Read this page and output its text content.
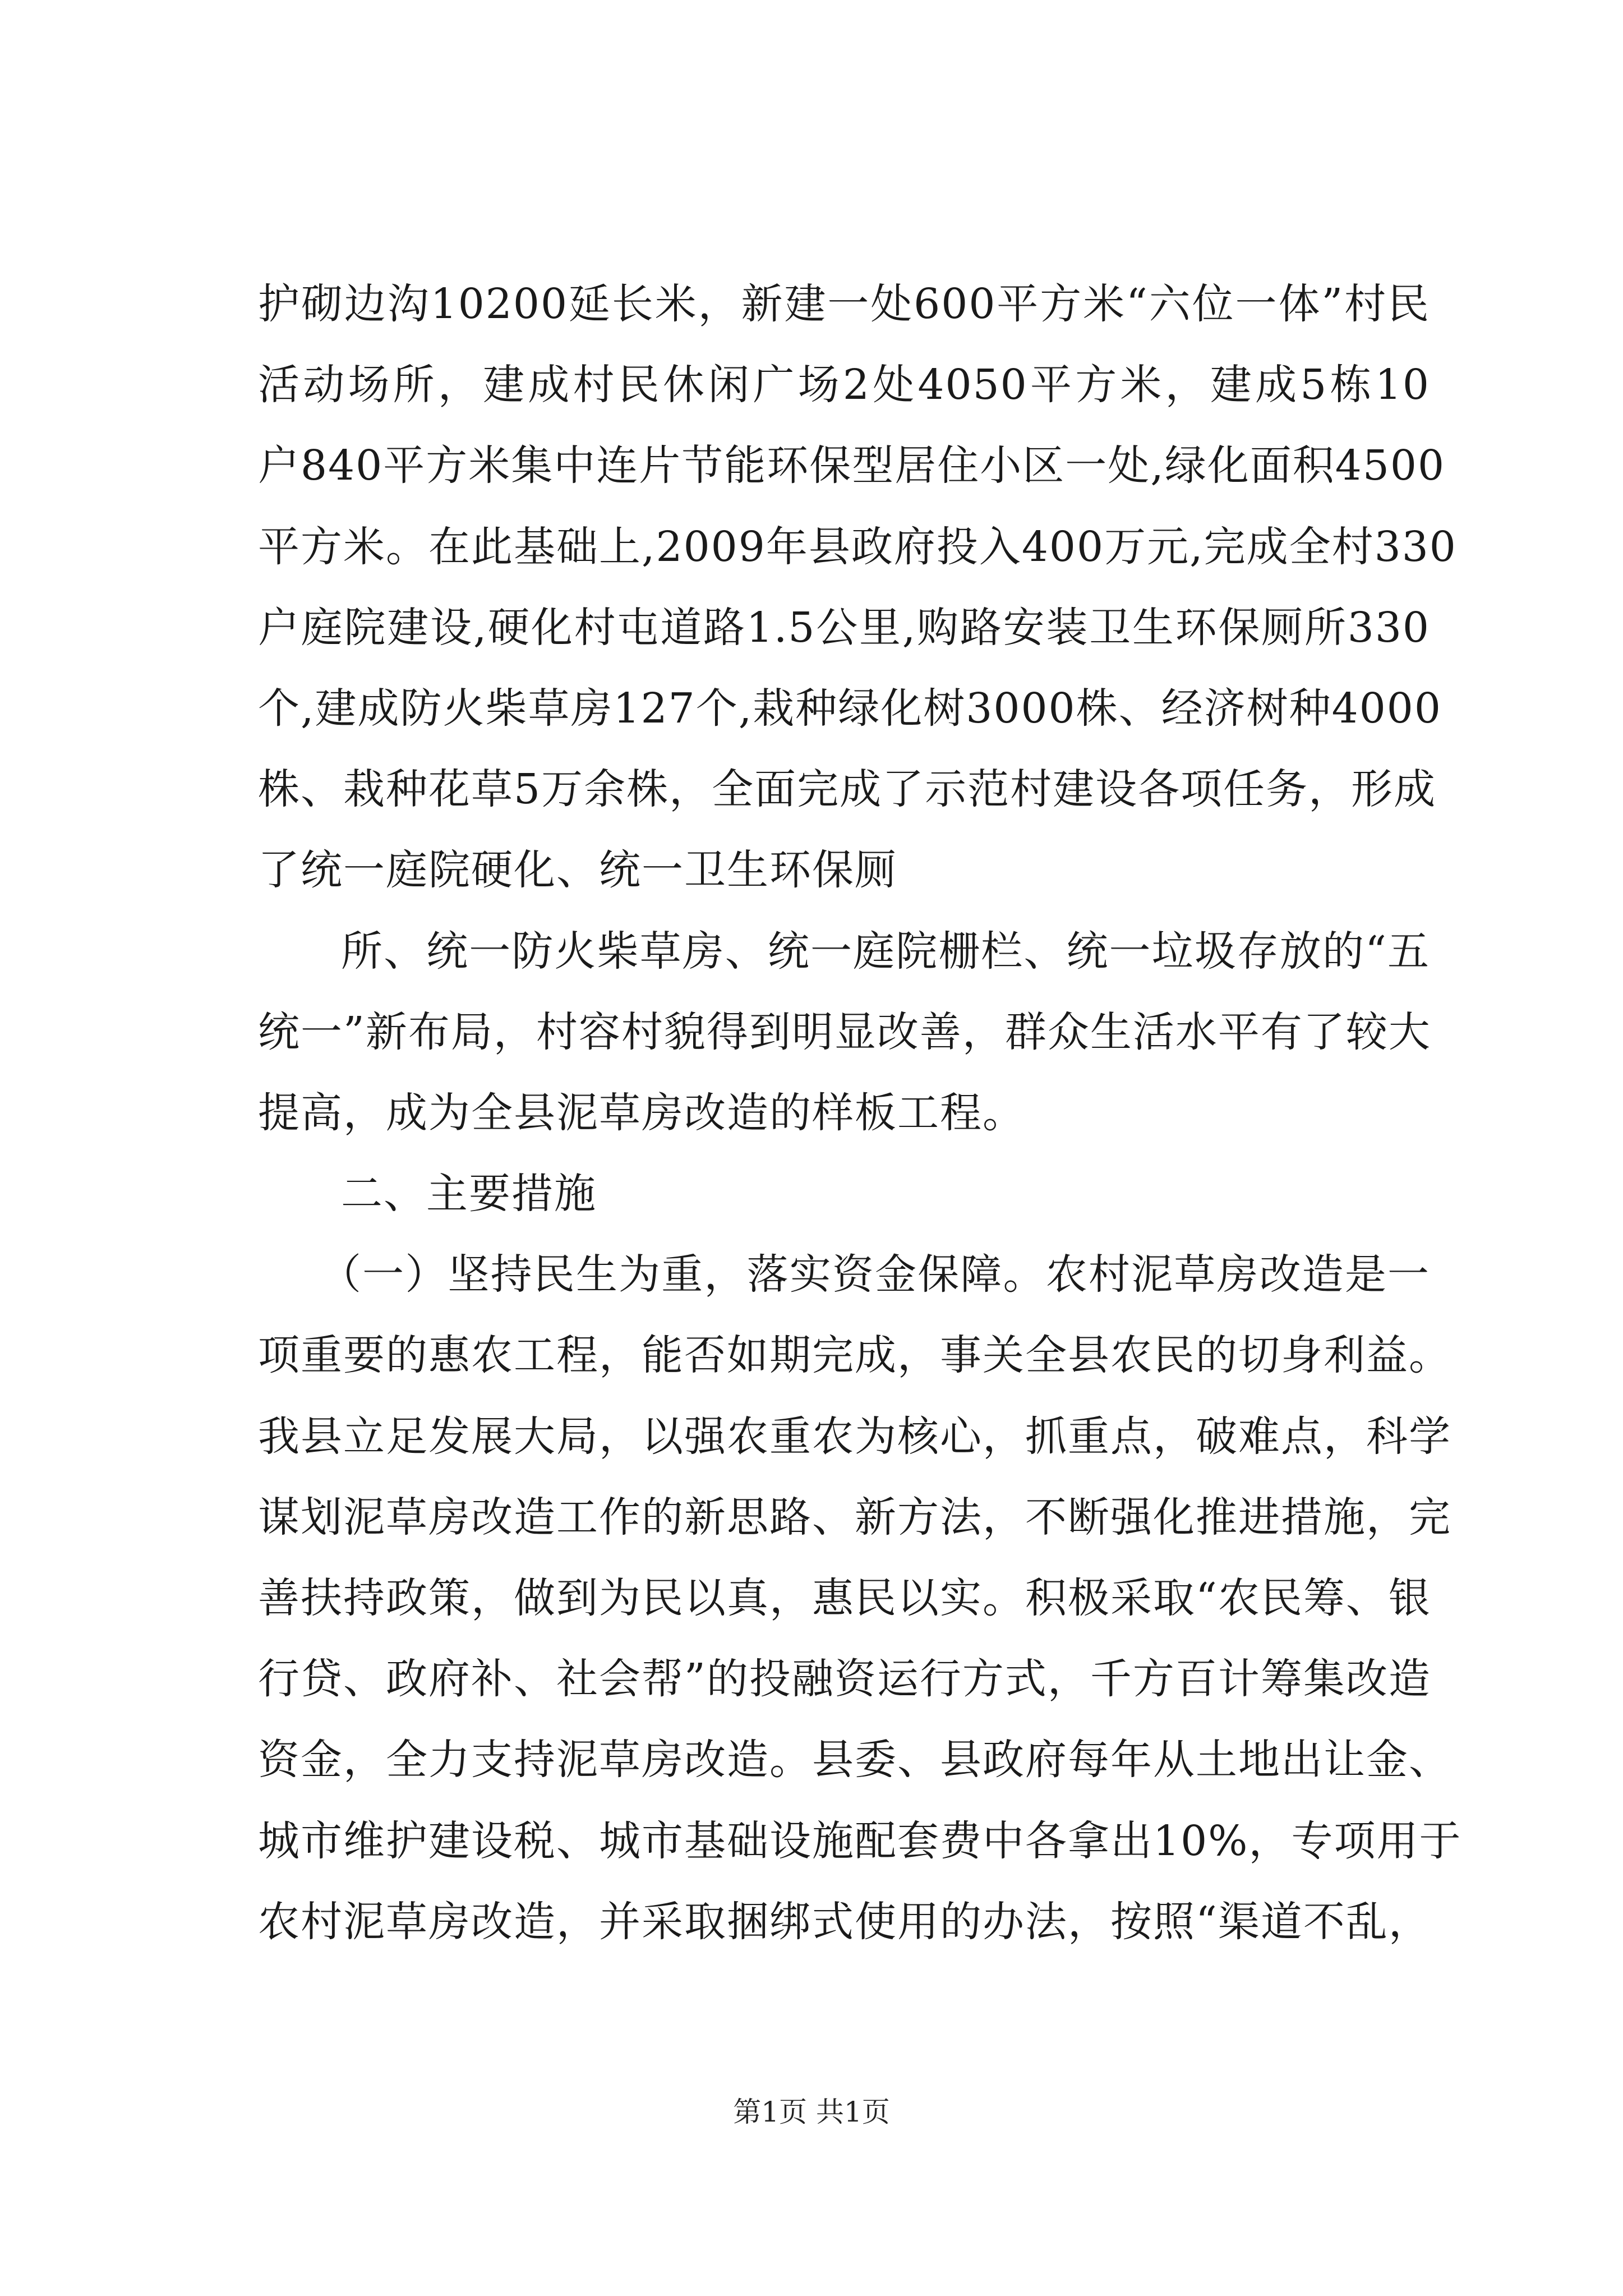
护砌边沟10200延长米，新建一处600平方米“六位一体”村民
活动场所，建成村民休闲广场2处4050平方米，建成5栋10
户840平方米集中连片节能环保型居住小区一处,绿化面积4500
平方米。在此基础上,2009年县政府投入400万元,完成全村330
户庭院建设,硬化村屯道路1.5公里,购路安装卫生环保厕所330
个,建成防火柴草房127个,栽种绿化树3000株、经济树种4000
株、栽种花草5万余株，全面完成了示范村建设各项任务，形成
了统一庭院硬化、统一卫生环保厕
所、统一防火柴草房、统一庭院栅栏、统一垃圾存放的“五
统一”新布局，村容村貌得到明显改善，群众生活水平有了较大
提高，成为全县泥草房改造的样板工程。
二、主要措施
（一）坚持民生为重，落实资金保障。农村泥草房改造是一
项重要的惠农工程，能否如期完成，事关全县农民的切身利益。
我县立足发展大局，以强农重农为核心，抓重点，破难点，科学
谋划泥草房改造工作的新思路、新方法，不断强化推进措施，完
善扶持政策，做到为民以真，惠民以实。积极采取“农民筹、银
行贷、政府补、社会帮”的投融资运行方式，千方百计筹集改造
资金，全力支持泥草房改造。县委、县政府每年从土地出让金、
城市维护建设税、城市基础设施配套费中各拿出10%，专项用于
农村泥草房改造，并采取捆绑式使用的办法，按照“渠道不乱，
第1页 共1页
